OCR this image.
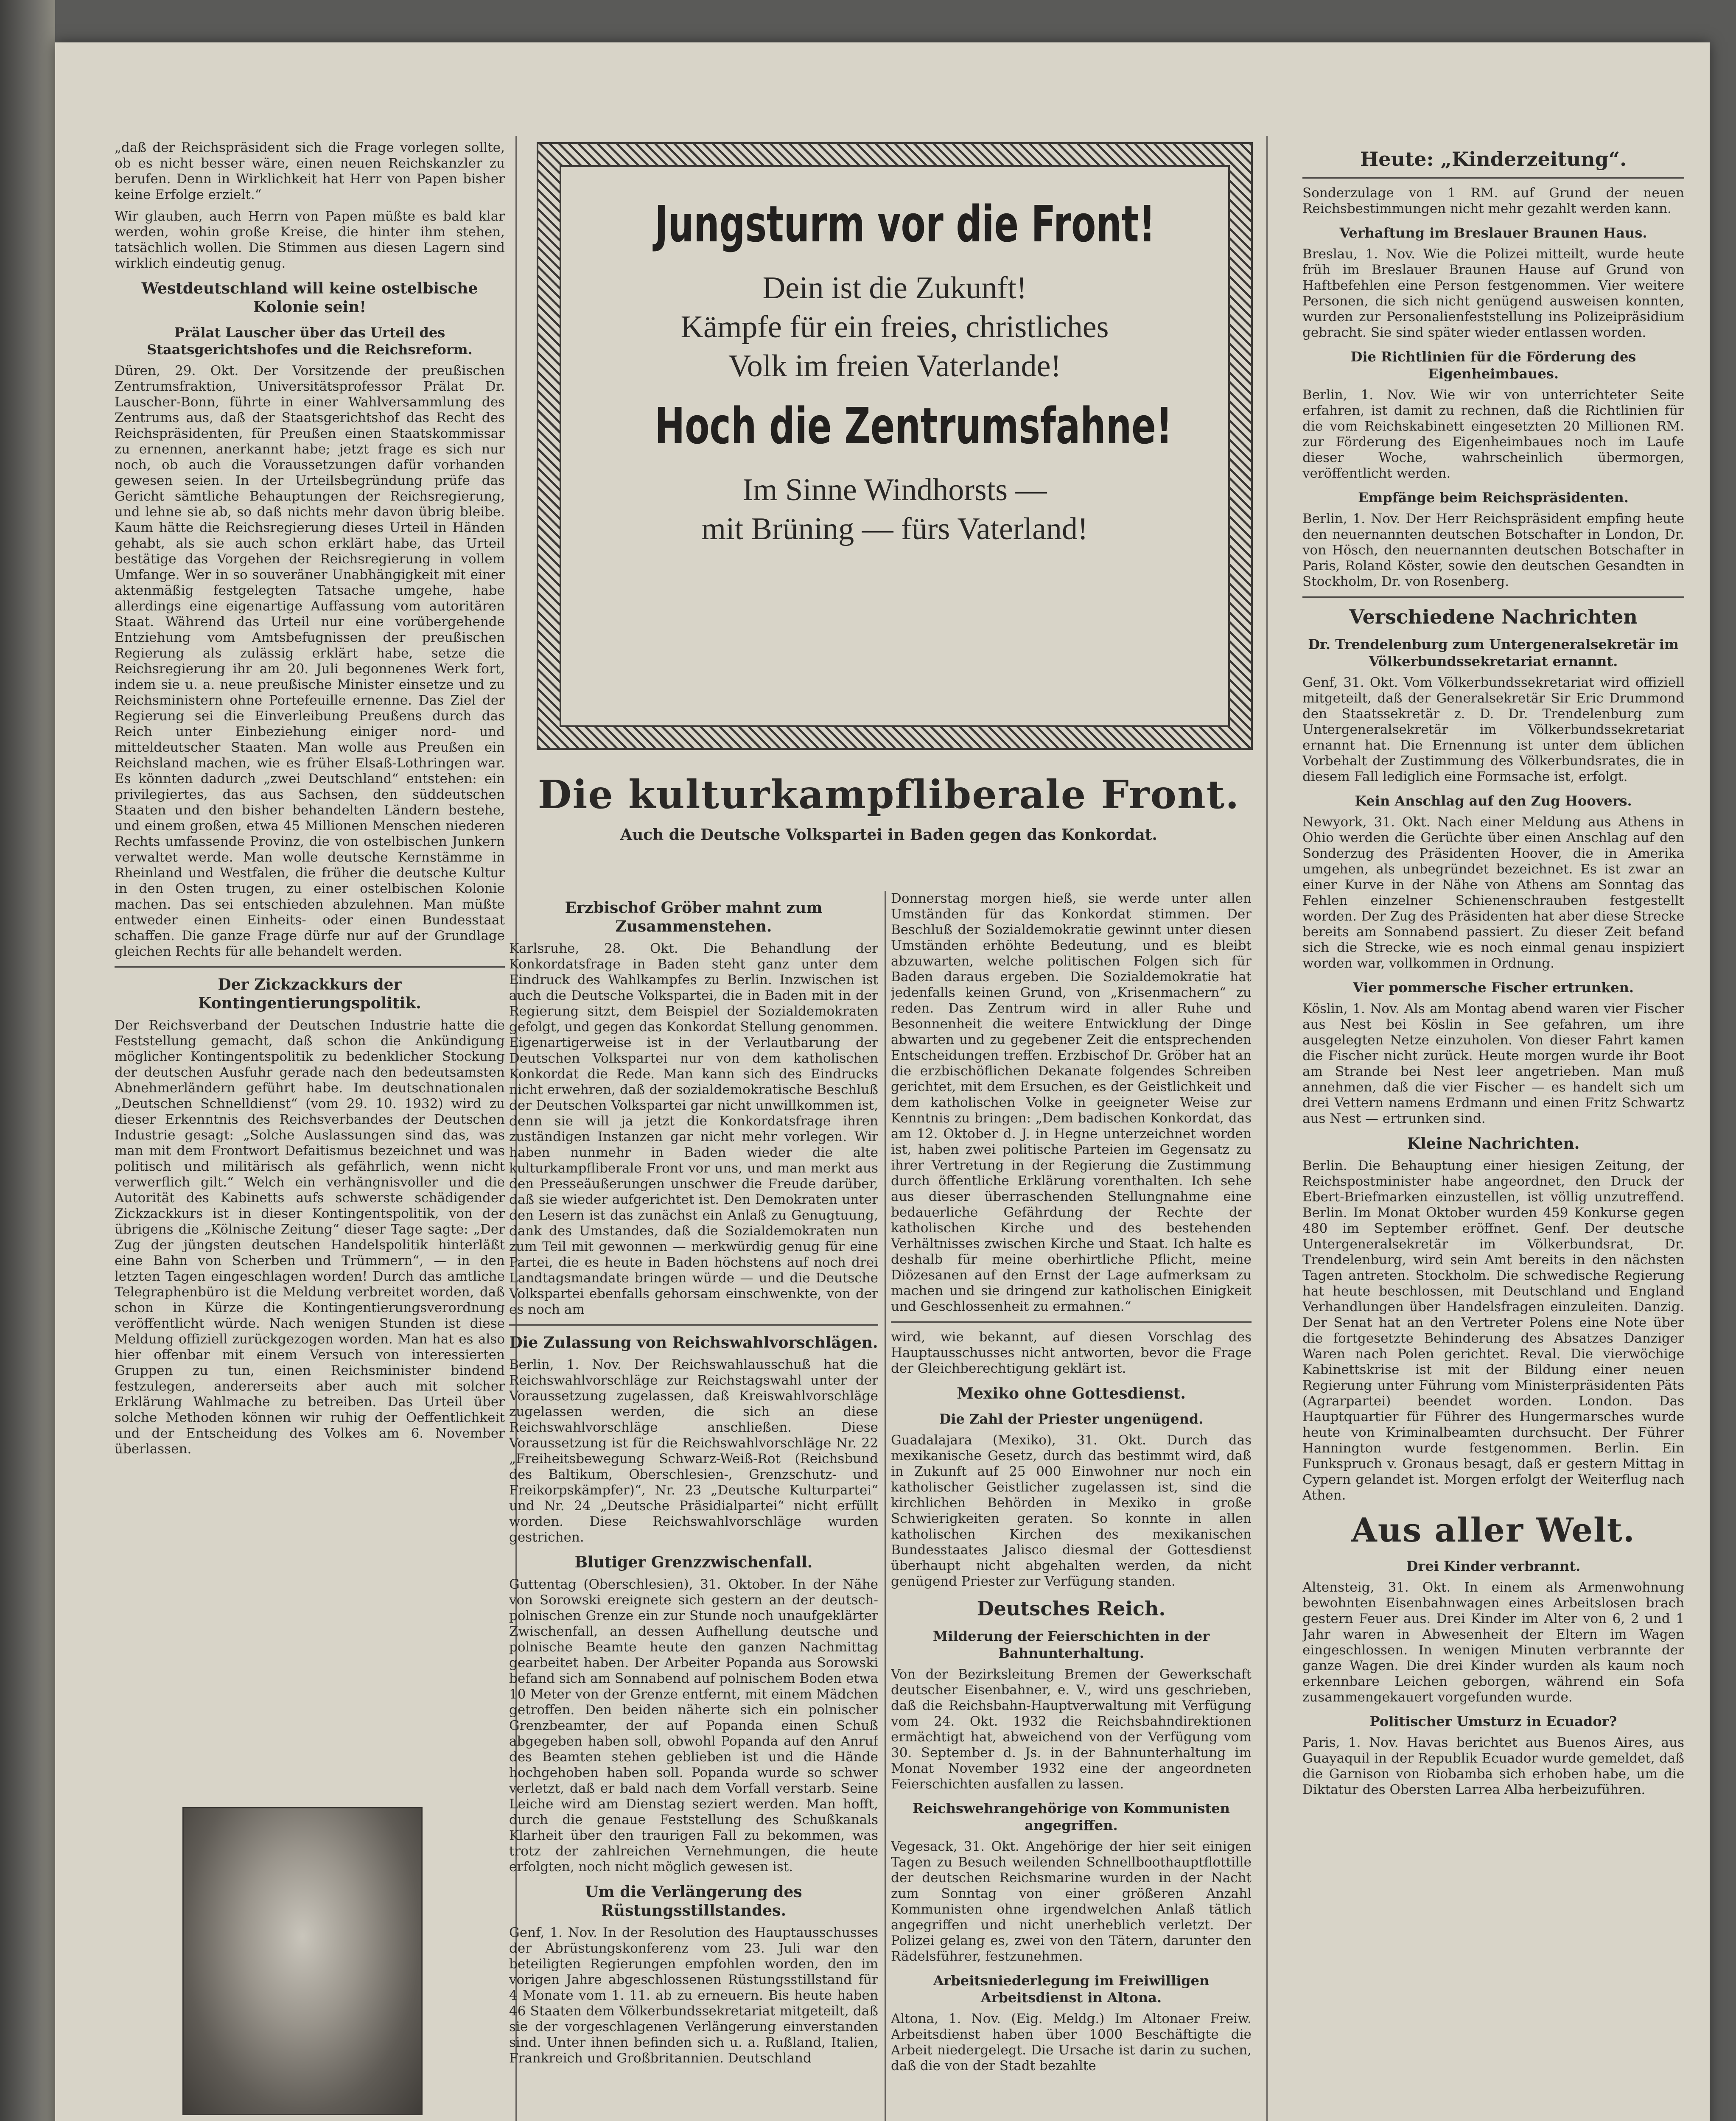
„daß der Reichspräsident sich die Frage vorlegen sollte, ob es nicht besser wäre, einen neuen Reichskanzler zu berufen. Denn in Wirklichkeit hat Herr von Papen bisher keine Erfolge erzielt.“

Wir glauben, auch Herrn von Papen müßte es bald klar werden, wohin große Kreise, die hinter ihm stehen, tatsächlich wollen. Die Stimmen aus diesen Lagern sind wirklich eindeutig genug.

Westdeutschland will keine ostelbische Kolonie sein!
Prälat Lauscher über das Urteil des Staatsgerichtshofes und die Reichsreform.

Düren, 29. Okt. Der Vorsitzende der preußischen Zentrumsfraktion, Universitätsprofessor Prälat Dr. Lauscher-Bonn, führte in einer Wahlversammlung des Zentrums aus, daß der Staatsgerichtshof das Recht des Reichspräsidenten, für Preußen einen Staatskommissar zu ernennen, anerkannt habe; jetzt frage es sich nur noch, ob auch die Voraussetzungen dafür vorhanden gewesen seien. In der Urteilsbegründung prüfe das Gericht sämtliche Behauptungen der Reichsregierung, und lehne sie ab, so daß nichts mehr davon übrig bleibe. Kaum hätte die Reichsregierung dieses Urteil in Händen gehabt, als sie auch schon erklärt habe, das Urteil bestätige das Vorgehen der Reichsregierung in vollem Umfange. Wer in so souveräner Unabhängigkeit mit einer aktenmäßig festgelegten Tatsache umgehe, habe allerdings eine eigenartige Auffassung vom autoritären Staat. Während das Urteil nur eine vorübergehende Entziehung vom Amtsbefugnissen der preußischen Regierung als zulässig erklärt habe, setze die Reichsregierung ihr am 20. Juli begonnenes Werk fort, indem sie u. a. neue preußische Minister einsetze und zu Reichsministern ohne Portefeuille ernenne. Das Ziel der Regierung sei die Einverleibung Preußens durch das Reich unter Einbeziehung einiger nord- und mitteldeutscher Staaten. Man wolle aus Preußen ein Reichsland machen, wie es früher Elsaß-Lothringen war. Es könnten dadurch „zwei Deutschland“ entstehen: ein privilegiertes, das aus Sachsen, den süddeutschen Staaten und den bisher behandelten Ländern bestehe, und einem großen, etwa 45 Millionen Menschen niederen Rechts umfassende Provinz, die von ostelbischen Junkern verwaltet werde. Man wolle deutsche Kernstämme in Rheinland und Westfalen, die früher die deutsche Kultur in den Osten trugen, zu einer ostelbischen Kolonie machen. Das sei entschieden abzulehnen. Man müßte entweder einen Einheits- oder einen Bundesstaat schaffen. Die ganze Frage dürfe nur auf der Grundlage gleichen Rechts für alle behandelt werden.

Der Zickzackkurs der Kontingentierungspolitik.

Der Reichsverband der Deutschen Industrie hatte die Feststellung gemacht, daß schon die Ankündigung möglicher Kontingentspolitik zu bedenklicher Stockung der deutschen Ausfuhr gerade nach den bedeutsamsten Abnehmerländern geführt habe. Im deutschnationalen „Deutschen Schnelldienst“ (vom 29. 10. 1932) wird zu dieser Erkenntnis des Reichsverbandes der Deutschen Industrie gesagt: „Solche Auslassungen sind das, was man mit dem Frontwort Defaitismus bezeichnet und was politisch und militärisch als gefährlich, wenn nicht verwerflich gilt.“ Welch ein verhängnisvoller und die Autorität des Kabinetts aufs schwerste schädigender Zickzackkurs ist in dieser Kontingentspolitik, von der übrigens die „Kölnische Zeitung“ dieser Tage sagte: „Der Zug der jüngsten deutschen Handelspolitik hinterläßt eine Bahn von Scherben und Trümmern“, — in den letzten Tagen eingeschlagen worden! Durch das amtliche Telegraphenbüro ist die Meldung verbreitet worden, daß schon in Kürze die Kontingentierungsverordnung veröffentlicht würde. Nach wenigen Stunden ist diese Meldung offiziell zurückgezogen worden. Man hat es also hier offenbar mit einem Versuch von interessierten Gruppen zu tun, einen Reichsminister bindend festzulegen, andererseits aber auch mit solcher Erklärung Wahlmache zu betreiben. Das Urteil über solche Methoden können wir ruhig der Oeffentlichkeit und der Entscheidung des Volkes am 6. November überlassen.

Jungsturm vor die Front!

Dein ist die Zukunft!

Kämpfe für ein freies, christliches

Volk im freien Vaterlande!

Hoch die Zentrumsfahne!

Im Sinne Windhorsts —

mit Brüning — fürs Vaterland!

Die kulturkampfliberale Front.
Auch die Deutsche Volkspartei in Baden gegen das Konkordat.
Erzbischof Gröber mahnt zum Zusammenstehen.

Karlsruhe, 28. Okt. Die Behandlung der Konkordatsfrage in Baden steht ganz unter dem Eindruck des Wahlkampfes zu Berlin. Inzwischen ist auch die Deutsche Volkspartei, die in Baden mit in der Regierung sitzt, dem Beispiel der Sozialdemokraten gefolgt, und gegen das Konkordat Stellung genommen. Eigenartigerweise ist in der Verlautbarung der Deutschen Volkspartei nur von dem katholischen Konkordat die Rede. Man kann sich des Eindrucks nicht erwehren, daß der sozialdemokratische Beschluß der Deutschen Volkspartei gar nicht unwillkommen ist, denn sie will ja jetzt die Konkordatsfrage ihren zuständigen Instanzen gar nicht mehr vorlegen. Wir haben nunmehr in Baden wieder die alte kulturkampfliberale Front vor uns, und man merkt aus den Presseäußerungen unschwer die Freude darüber, daß sie wieder aufgerichtet ist. Den Demokraten unter den Lesern ist das zunächst ein Anlaß zu Genugtuung, dank des Umstandes, daß die Sozialdemokraten nun zum Teil mit gewonnen — merkwürdig genug für eine Partei, die es heute in Baden höchstens auf noch drei Landtagsmandate bringen würde — und die Deutsche Volkspartei ebenfalls gehorsam einschwenkte, von der es noch am

Die Zulassung von Reichswahlvorschlägen.

Berlin, 1. Nov. Der Reichswahlausschuß hat die Reichswahlvorschläge zur Reichstagswahl unter der Voraussetzung zugelassen, daß Kreiswahlvorschläge zugelassen werden, die sich an diese Reichswahlvorschläge anschließen. Diese Voraussetzung ist für die Reichswahlvorschläge Nr. 22 „Freiheitsbewegung Schwarz-Weiß-Rot (Reichsbund des Baltikum, Oberschlesien-, Grenzschutz- und Freikorpskämpfer)“, Nr. 23 „Deutsche Kulturpartei“ und Nr. 24 „Deutsche Präsidialpartei“ nicht erfüllt worden. Diese Reichswahlvorschläge wurden gestrichen.

Blutiger Grenzzwischenfall.

Guttentag (Oberschlesien), 31. Oktober. In der Nähe von Sorowski ereignete sich gestern an der deutsch-polnischen Grenze ein zur Stunde noch unaufgeklärter Zwischenfall, an dessen Aufhellung deutsche und polnische Beamte heute den ganzen Nachmittag gearbeitet haben. Der Arbeiter Popanda aus Sorowski befand sich am Sonnabend auf polnischem Boden etwa 10 Meter von der Grenze entfernt, mit einem Mädchen getroffen. Den beiden näherte sich ein polnischer Grenzbeamter, der auf Popanda einen Schuß abgegeben haben soll, obwohl Popanda auf den Anruf des Beamten stehen geblieben ist und die Hände hochgehoben haben soll. Popanda wurde so schwer verletzt, daß er bald nach dem Vorfall verstarb. Seine Leiche wird am Dienstag seziert werden. Man hofft, durch die genaue Feststellung des Schußkanals Klarheit über den traurigen Fall zu bekommen, was trotz der zahlreichen Vernehmungen, die heute erfolgten, noch nicht möglich gewesen ist.

Um die Verlängerung des Rüstungsstillstandes.

Genf, 1. Nov. In der Resolution des Hauptausschusses der Abrüstungskonferenz vom 23. Juli war den beteiligten Regierungen empfohlen worden, den im vorigen Jahre abgeschlossenen Rüstungsstillstand für 4 Monate vom 1. 11. ab zu erneuern. Bis heute haben 46 Staaten dem Völkerbundssekretariat mitgeteilt, daß sie der vorgeschlagenen Verlängerung einverstanden sind. Unter ihnen befinden sich u. a. Rußland, Italien, Frankreich und Großbritannien. Deutschland

Donnerstag morgen hieß, sie werde unter allen Umständen für das Konkordat stimmen. Der Beschluß der Sozialdemokratie gewinnt unter diesen Umständen erhöhte Bedeutung, und es bleibt abzuwarten, welche politischen Folgen sich für Baden daraus ergeben. Die Sozialdemokratie hat jedenfalls keinen Grund, von „Krisenmachern“ zu reden. Das Zentrum wird in aller Ruhe und Besonnenheit die weitere Entwicklung der Dinge abwarten und zu gegebener Zeit die entsprechenden Entscheidungen treffen. Erzbischof Dr. Gröber hat an die erzbischöflichen Dekanate folgendes Schreiben gerichtet, mit dem Ersuchen, es der Geistlichkeit und dem katholischen Volke in geeigneter Weise zur Kenntnis zu bringen: „Dem badischen Konkordat, das am 12. Oktober d. J. in Hegne unterzeichnet worden ist, haben zwei politische Parteien im Gegensatz zu ihrer Vertretung in der Regierung die Zustimmung durch öffentliche Erklärung vorenthalten. Ich sehe aus dieser überraschenden Stellungnahme eine bedauerliche Gefährdung der Rechte der katholischen Kirche und des bestehenden Verhältnisses zwischen Kirche und Staat. Ich halte es deshalb für meine oberhirtliche Pflicht, meine Diözesanen auf den Ernst der Lage aufmerksam zu machen und sie dringend zur katholischen Einigkeit und Geschlossenheit zu ermahnen.“

wird, wie bekannt, auf diesen Vorschlag des Hauptausschusses nicht antworten, bevor die Frage der Gleichberechtigung geklärt ist.

Mexiko ohne Gottesdienst.
Die Zahl der Priester ungenügend.

Guadalajara (Mexiko), 31. Okt. Durch das mexikanische Gesetz, durch das bestimmt wird, daß in Zukunft auf 25 000 Einwohner nur noch ein katholischer Geistlicher zugelassen ist, sind die kirchlichen Behörden in Mexiko in große Schwierigkeiten geraten. So konnte in allen katholischen Kirchen des mexikanischen Bundesstaates Jalisco diesmal der Gottesdienst überhaupt nicht abgehalten werden, da nicht genügend Priester zur Verfügung standen.

Deutsches Reich.
Milderung der Feierschichten in der Bahnunterhaltung.

Von der Bezirksleitung Bremen der Gewerkschaft deutscher Eisenbahner, e. V., wird uns geschrieben, daß die Reichsbahn-Hauptverwaltung mit Verfügung vom 24. Okt. 1932 die Reichsbahndirektionen ermächtigt hat, abweichend von der Verfügung vom 30. September d. Js. in der Bahnunterhaltung im Monat November 1932 eine der angeordneten Feierschichten ausfallen zu lassen.

Reichswehrangehörige von Kommunisten angegriffen.

Vegesack, 31. Okt. Angehörige der hier seit einigen Tagen zu Besuch weilenden Schnellboothauptflottille der deutschen Reichsmarine wurden in der Nacht zum Sonntag von einer größeren Anzahl Kommunisten ohne irgendwelchen Anlaß tätlich angegriffen und nicht unerheblich verletzt. Der Polizei gelang es, zwei von den Tätern, darunter den Rädelsführer, festzunehmen.

Arbeitsniederlegung im Freiwilligen Arbeitsdienst in Altona.

Altona, 1. Nov. (Eig. Meldg.) Im Altonaer Freiw. Arbeitsdienst haben über 1000 Beschäftigte die Arbeit niedergelegt. Die Ursache ist darin zu suchen, daß die von der Stadt bezahlte

Heute: „Kinderzeitung“.

Sonderzulage von 1 RM. auf Grund der neuen Reichsbestimmungen nicht mehr gezahlt werden kann.

Verhaftung im Breslauer Braunen Haus.

Breslau, 1. Nov. Wie die Polizei mitteilt, wurde heute früh im Breslauer Braunen Hause auf Grund von Haftbefehlen eine Person festgenommen. Vier weitere Personen, die sich nicht genügend ausweisen konnten, wurden zur Personalienfeststellung ins Polizeipräsidium gebracht. Sie sind später wieder entlassen worden.

Die Richtlinien für die Förderung des Eigenheimbaues.

Berlin, 1. Nov. Wie wir von unterrichteter Seite erfahren, ist damit zu rechnen, daß die Richtlinien für die vom Reichskabinett eingesetzten 20 Millionen RM. zur Förderung des Eigenheimbaues noch im Laufe dieser Woche, wahrscheinlich übermorgen, veröffentlicht werden.

Empfänge beim Reichspräsidenten.

Berlin, 1. Nov. Der Herr Reichspräsident empfing heute den neuernannten deutschen Botschafter in London, Dr. von Hösch, den neuernannten deutschen Botschafter in Paris, Roland Köster, sowie den deutschen Gesandten in Stockholm, Dr. von Rosenberg.

Verschiedene Nachrichten
Dr. Trendelenburg zum Untergeneralsekretär im Völkerbundssekretariat ernannt.

Genf, 31. Okt. Vom Völkerbundssekretariat wird offiziell mitgeteilt, daß der Generalsekretär Sir Eric Drummond den Staatssekretär z. D. Dr. Trendelenburg zum Untergeneralsekretär im Völkerbundssekretariat ernannt hat. Die Ernennung ist unter dem üblichen Vorbehalt der Zustimmung des Völkerbundsrates, die in diesem Fall lediglich eine Formsache ist, erfolgt.

Kein Anschlag auf den Zug Hoovers.

Newyork, 31. Okt. Nach einer Meldung aus Athens in Ohio werden die Gerüchte über einen Anschlag auf den Sonderzug des Präsidenten Hoover, die in Amerika umgehen, als unbegründet bezeichnet. Es ist zwar an einer Kurve in der Nähe von Athens am Sonntag das Fehlen einzelner Schienenschrauben festgestellt worden. Der Zug des Präsidenten hat aber diese Strecke bereits am Sonnabend passiert. Zu dieser Zeit befand sich die Strecke, wie es noch einmal genau inspiziert worden war, vollkommen in Ordnung.

Vier pommersche Fischer ertrunken.

Köslin, 1. Nov. Als am Montag abend waren vier Fischer aus Nest bei Köslin in See gefahren, um ihre ausgelegten Netze einzuholen. Von dieser Fahrt kamen die Fischer nicht zurück. Heute morgen wurde ihr Boot am Strande bei Nest leer angetrieben. Man muß annehmen, daß die vier Fischer — es handelt sich um drei Vettern namens Erdmann und einen Fritz Schwartz aus Nest — ertrunken sind.

Kleine Nachrichten.

Berlin. Die Behauptung einer hiesigen Zeitung, der Reichspostminister habe angeordnet, den Druck der Ebert-Briefmarken einzustellen, ist völlig unzutreffend. Berlin. Im Monat Oktober wurden 459 Konkurse gegen 480 im September eröffnet. Genf. Der deutsche Untergeneralsekretär im Völkerbundsrat, Dr. Trendelenburg, wird sein Amt bereits in den nächsten Tagen antreten. Stockholm. Die schwedische Regierung hat heute beschlossen, mit Deutschland und England Verhandlungen über Handelsfragen einzuleiten. Danzig. Der Senat hat an den Vertreter Polens eine Note über die fortgesetzte Behinderung des Absatzes Danziger Waren nach Polen gerichtet. Reval. Die vierwöchige Kabinettskrise ist mit der Bildung einer neuen Regierung unter Führung vom Ministerpräsidenten Päts (Agrarpartei) beendet worden. London. Das Hauptquartier für Führer des Hungermarsches wurde heute von Kriminalbeamten durchsucht. Der Führer Hannington wurde festgenommen. Berlin. Ein Funkspruch v. Gronaus besagt, daß er gestern Mittag in Cypern gelandet ist. Morgen erfolgt der Weiterflug nach Athen.

Aus aller Welt.
Drei Kinder verbrannt.

Altensteig, 31. Okt. In einem als Armenwohnung bewohnten Eisenbahnwagen eines Arbeitslosen brach gestern Feuer aus. Drei Kinder im Alter von 6, 2 und 1 Jahr waren in Abwesenheit der Eltern im Wagen eingeschlossen. In wenigen Minuten verbrannte der ganze Wagen. Die drei Kinder wurden als kaum noch erkennbare Leichen geborgen, während ein Sofa zusammengekauert vorgefunden wurde.

Politischer Umsturz in Ecuador?

Paris, 1. Nov. Havas berichtet aus Buenos Aires, aus Guayaquil in der Republik Ecuador wurde gemeldet, daß die Garnison von Riobamba sich erhoben habe, um die Diktatur des Obersten Larrea Alba herbeizuführen.
